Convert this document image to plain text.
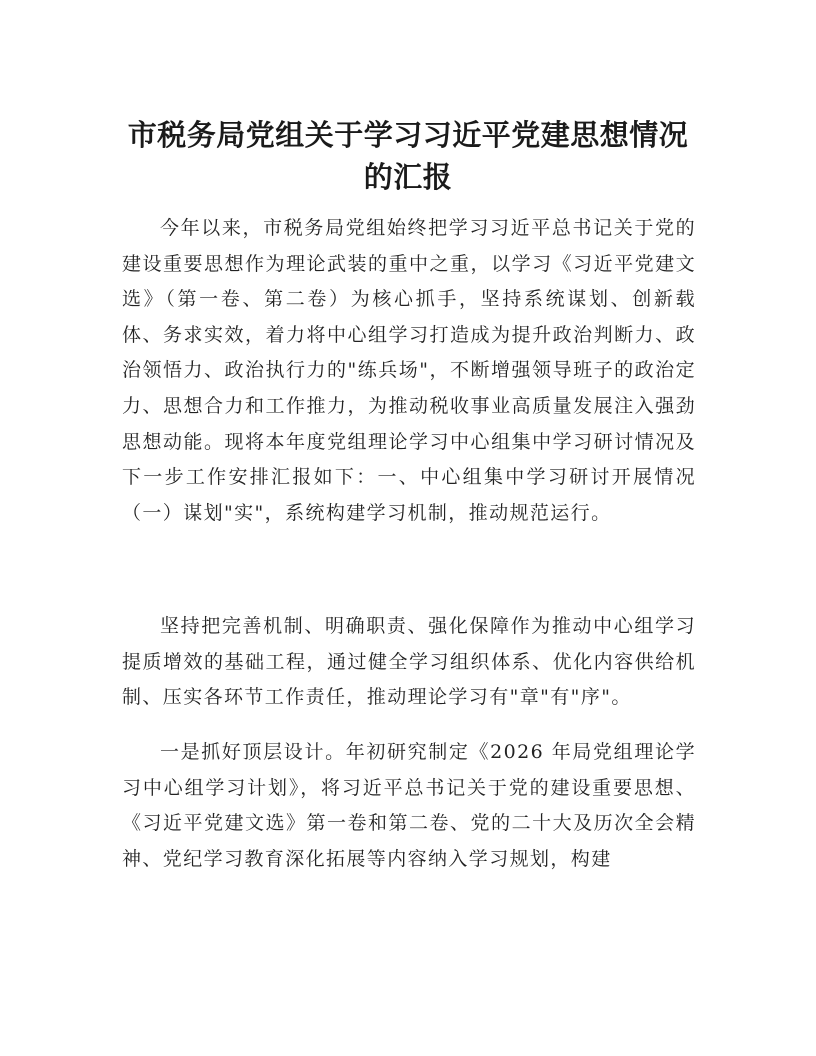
市税务局党组关于学习习近平党建思想情况
的汇报

今年以来，市税务局党组始终把学习习近平总书记关于党的建设重要思想作为理论武装的重中之重，以学习《习近平党建文选》（第一卷、第二卷）为核心抓手，坚持系统谋划、创新载体、务求实效，着力将中心组学习打造成为提升政治判断力、政治领悟力、政治执行力的"练兵场"，不断增强领导班子的政治定力、思想合力和工作推力，为推动税收事业高质量发展注入强劲思想动能。现将本年度党组理论学习中心组集中学习研讨情况及下一步工作安排汇报如下：一、中心组集中学习研讨开展情况（一）谋划"实"，系统构建学习机制，推动规范运行。

坚持把完善机制、明确职责、强化保障作为推动中心组学习提质增效的基础工程，通过健全学习组织体系、优化内容供给机制、压实各环节工作责任，推动理论学习有"章"有"序"。

一是抓好顶层设计。年初研究制定《2026 年局党组理论学习中心组学习计划》，将习近平总书记关于党的建设重要思想、《习近平党建文选》第一卷和第二卷、党的二十大及历次全会精神、党纪学习教育深化拓展等内容纳入学习规划，构建
